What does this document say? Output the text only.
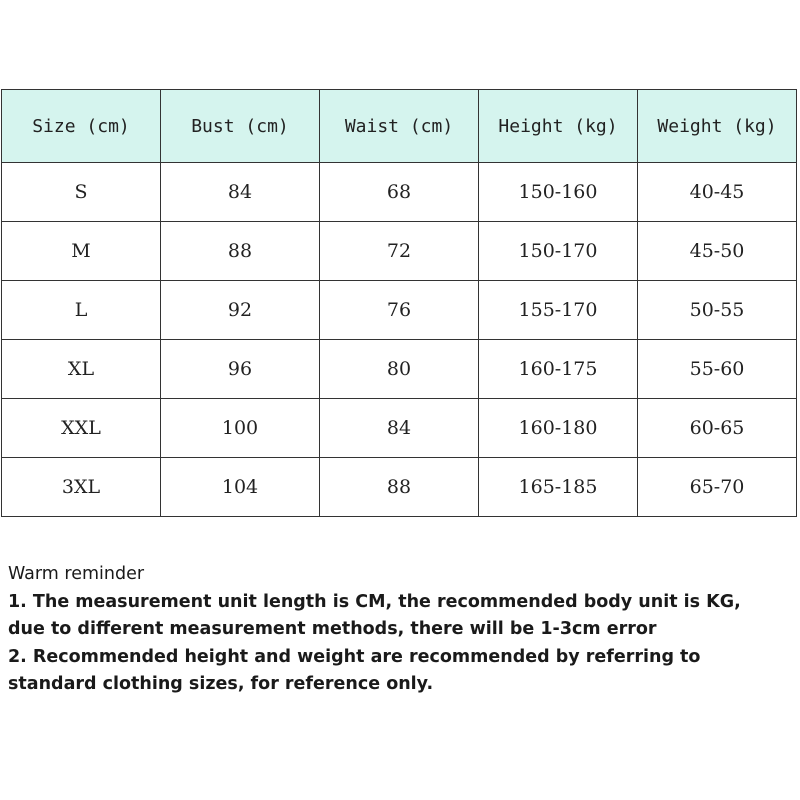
Size (cm)	Bust (cm)	Waist (cm)	Height (kg)	Weight (kg)
S	84	68	150-160	40-45
M	88	72	150-170	45-50
L	92	76	155-170	50-55
XL	96	80	160-175	55-60
XXL	100	84	160-180	60-65
3XL	104	88	165-185	65-70
Warm reminder
1. The measurement unit length is CM, the recommended body unit is KG,
due to different measurement methods, there will be 1-3cm error
2. Recommended height and weight are recommended by referring to
standard clothing sizes, for reference only.
